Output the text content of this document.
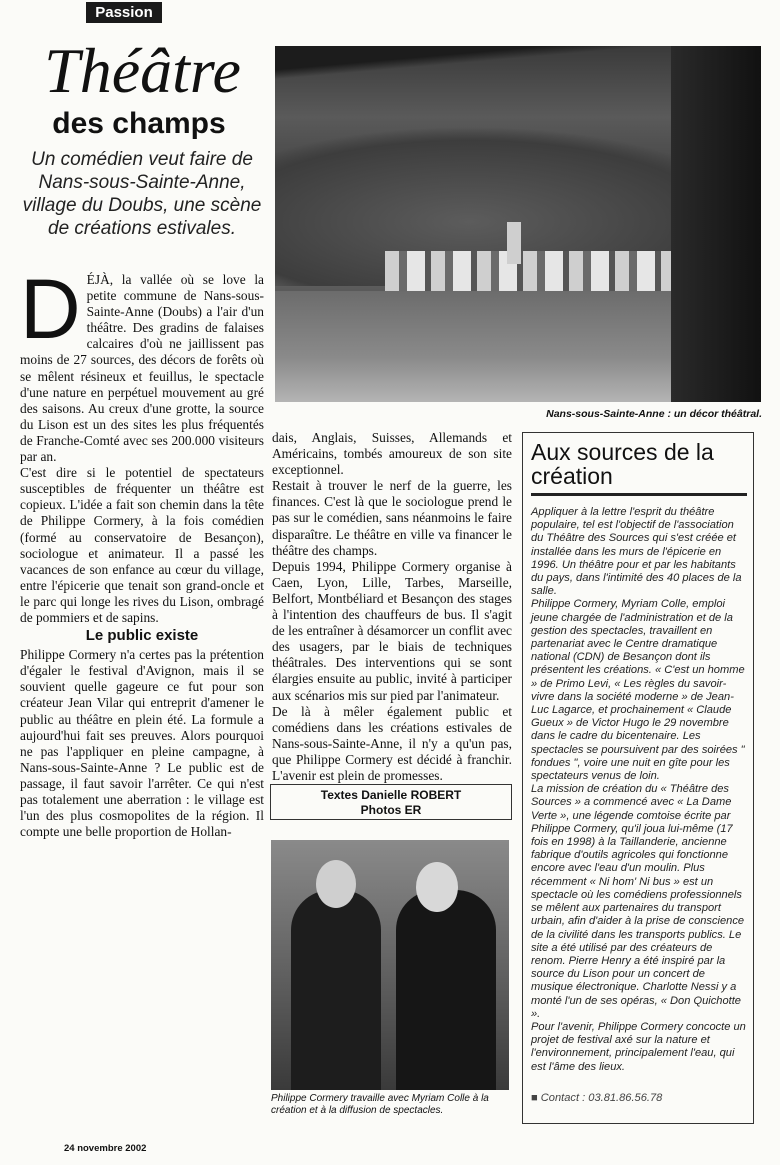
Passion
Théâtre
des champs
Un comédien veut faire de Nans-sous-Sainte-Anne, village du Doubs, une scène de créations estivales.
D ÉJÀ, la vallée où se love la petite commune de Nans-sous-Sainte-Anne (Doubs) a l'air d'un théâtre. Des gradins de falaises calcaires d'où ne jaillissent pas moins de 27 sources, des décors de forêts où se mêlent résineux et feuillus, le spectacle d'une nature en perpétuel mouvement au gré des saisons. Au creux d'une grotte, la source du Lison est un des sites les plus fréquentés de Franche-Comté avec ses 200.000 visiteurs par an.

C'est dire si le potentiel de spectateurs susceptibles de fréquenter un théâtre est copieux. L'idée a fait son chemin dans la tête de Philippe Cormery, à la fois comédien (formé au conservatoire de Besançon), sociologue et animateur. Il a passé les vacances de son enfance au cœur du village, entre l'épicerie que tenait son grand-oncle et le parc qui longe les rives du Lison, ombragé de pommiers et de sapins.

Le public existe

Philippe Cormery n'a certes pas la prétention d'égaler le festival d'Avignon, mais il se souvient quelle gageure ce fut pour son créateur Jean Vilar qui entreprit d'amener le public au théâtre en plein été. La formule a aujourd'hui fait ses preuves. Alors pourquoi ne pas l'appliquer en pleine campagne, à Nans-sous-Sainte-Anne ? Le public est de passage, il faut savoir l'arrêter. Ce qui n'est pas totalement une aberration : le village est l'un des plus cosmopolites de la région. Il compte une belle proportion de Hollan-

dais, Anglais, Suisses, Allemands et Américains, tombés amoureux de son site exceptionnel.

Restait à trouver le nerf de la guerre, les finances. C'est là que le sociologue prend le pas sur le comédien, sans néanmoins le faire disparaître. Le théâtre en ville va financer le théâtre des champs.

Depuis 1994, Philippe Cormery organise à Caen, Lyon, Lille, Tarbes, Marseille, Belfort, Montbéliard et Besançon des stages à l'intention des chauffeurs de bus. Il s'agit de les entraîner à désamorcer un conflit avec des usagers, par le biais de techniques théâtrales. Des interventions qui se sont élargies ensuite au public, invité à participer aux scénarios mis sur pied par l'animateur.

De là à mêler également public et comédiens dans les créations estivales de Nans-sous-Sainte-Anne, il n'y a qu'un pas, que Philippe Cormery est décidé à franchir. L'avenir est plein de promesses.

Nans-sous-Sainte-Anne : un décor théâtral.
Aux sources de la création

Appliquer à la lettre l'esprit du théâtre populaire, tel est l'objectif de l'association du Théâtre des Sources qui s'est créée et installée dans les murs de l'épicerie en 1996. Un théâtre pour et par les habitants du pays, dans l'intimité des 40 places de la salle.

Philippe Cormery, Myriam Colle, emploi jeune chargée de l'administration et de la gestion des spectacles, travaillent en partenariat avec le Centre dramatique national (CDN) de Besançon dont ils présentent les créations. « C'est un homme » de Primo Levi, « Les règles du savoir-vivre dans la société moderne » de Jean-Luc Lagarce, et prochainement « Claude Gueux » de Victor Hugo le 29 novembre dans le cadre du bicentenaire. Les spectacles se poursuivent par des soirées " fondues ", voire une nuit en gîte pour les spectateurs venus de loin.

La mission de création du « Théâtre des Sources » a commencé avec « La Dame Verte », une légende comtoise écrite par Philippe Cormery, qu'il joua lui-même (17 fois en 1998) à la Taillanderie, ancienne fabrique d'outils agricoles qui fonctionne encore avec l'eau d'un moulin. Plus récemment « Ni hom' Ni bus » est un spectacle où les comédiens professionnels se mêlent aux partenaires du transport urbain, afin d'aider à la prise de conscience de la civilité dans les transports publics. Le site a été utilisé par des créateurs de renom. Pierre Henry a été inspiré par la source du Lison pour un concert de musique électronique. Charlotte Nessi y a monté l'un de ses opéras, « Don Quichotte ».

Pour l'avenir, Philippe Cormery concocte un projet de festival axé sur la nature et l'environnement, principalement l'eau, qui est l'âme des lieux.

■ Contact : 03.81.86.56.78
Textes Danielle ROBERT
Photos ER
Philippe Cormery travaille avec Myriam Colle à la création et à la diffusion de spectacles.
24 novembre 2002
